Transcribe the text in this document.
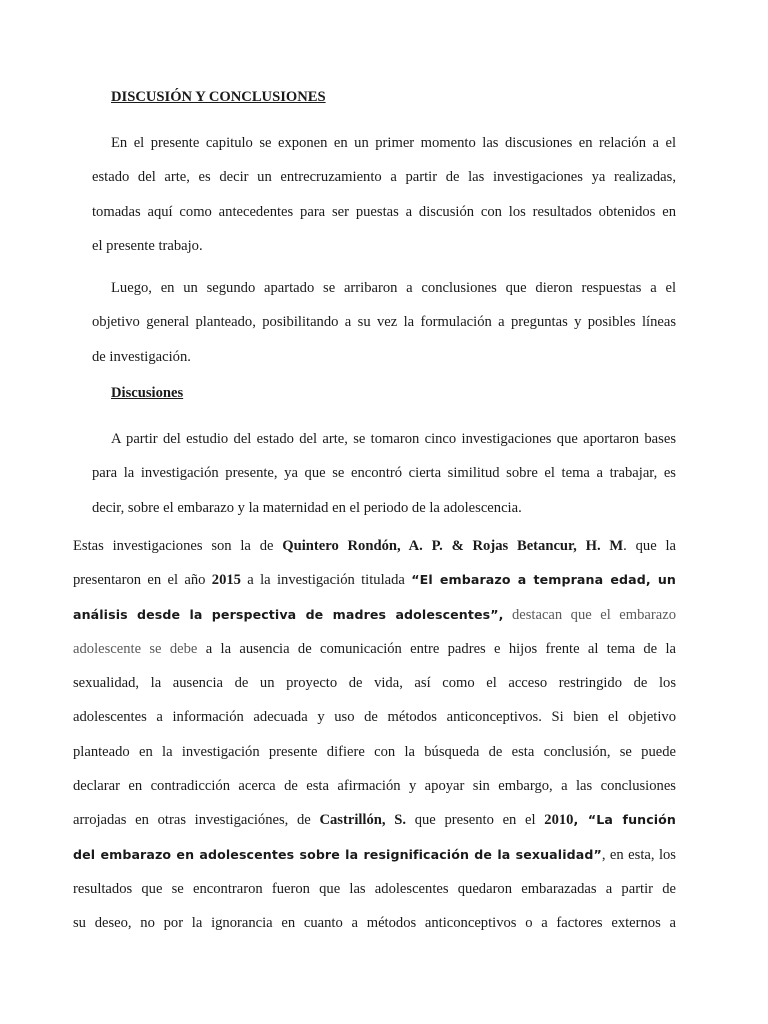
DISCUSIÓN Y CONCLUSIONES

En el presente capitulo se exponen en un primer momento las discusiones en relación a el
estado del arte, es decir un entrecruzamiento a partir de las investigaciones ya realizadas,
tomadas aquí como antecedentes para ser puestas a discusión con los resultados obtenidos en
el presente trabajo.

Luego, en un segundo apartado se arribaron a conclusiones que dieron respuestas a el
objetivo general planteado, posibilitando a su vez la formulación a preguntas y posibles líneas
de investigación.

Discusiones

A partir del estudio del estado del arte, se tomaron cinco investigaciones que aportaron bases
para la investigación presente, ya que se encontró cierta similitud sobre el tema a trabajar, es
decir, sobre el embarazo y la maternidad en el periodo de la adolescencia.

Estas investigaciones son la de Quintero Rondón, A. P. & Rojas Betancur, H. M. que la
presentaron en el año 2015 a la investigación titulada “El embarazo a temprana edad, un
análisis desde la perspectiva de madres adolescentes”, destacan que el embarazo
adolescente se debe a la ausencia de comunicación entre padres e hijos frente al tema de la
sexualidad, la ausencia de un proyecto de vida, así como el acceso restringido de los
adolescentes a información adecuada y uso de métodos anticonceptivos. Si bien el objetivo
planteado en la investigación presente difiere con la búsqueda de esta conclusión, se puede
declarar en contradicción acerca de esta afirmación y apoyar sin embargo, a las conclusiones
arrojadas en otras investigaciónes, de Castrillón, S. que presento en el 2010, “La función
del embarazo en adolescentes sobre la resignificación de la sexualidad”, en esta, los
resultados que se encontraron fueron que las adolescentes quedaron embarazadas a partir de
su deseo, no por la ignorancia en cuanto a métodos anticonceptivos o a factores externos a
